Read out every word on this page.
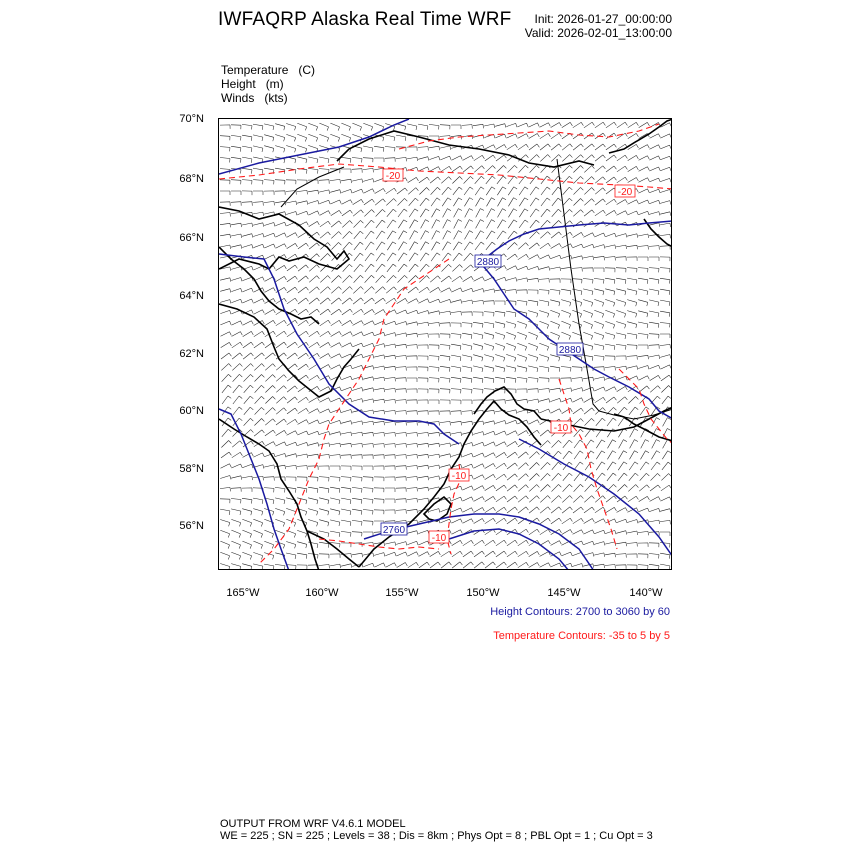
IWFAQRP Alaska Real Time WRF Init: 2026-01-27_00:00:00
Valid: 2026-02-01_13:00:00
Temperature   (C)
Height   (m)
Winds   (kts)
70°N
68°N
66°N
64°N
62°N
60°N
58°N
56°N
165°W	160°W	155°W	150°W	145°W	140°W
2880
2880
2760
-20
-20
-10
-10
-10
Height Contours: 2700 to 3060 by 60
Temperature Contours: -35 to 5 by 5
OUTPUT FROM WRF V4.6.1 MODEL
WE = 225 ; SN = 225 ; Levels = 38 ; Dis = 8km ; Phys Opt = 8 ; PBL Opt = 1 ; Cu Opt = 3
